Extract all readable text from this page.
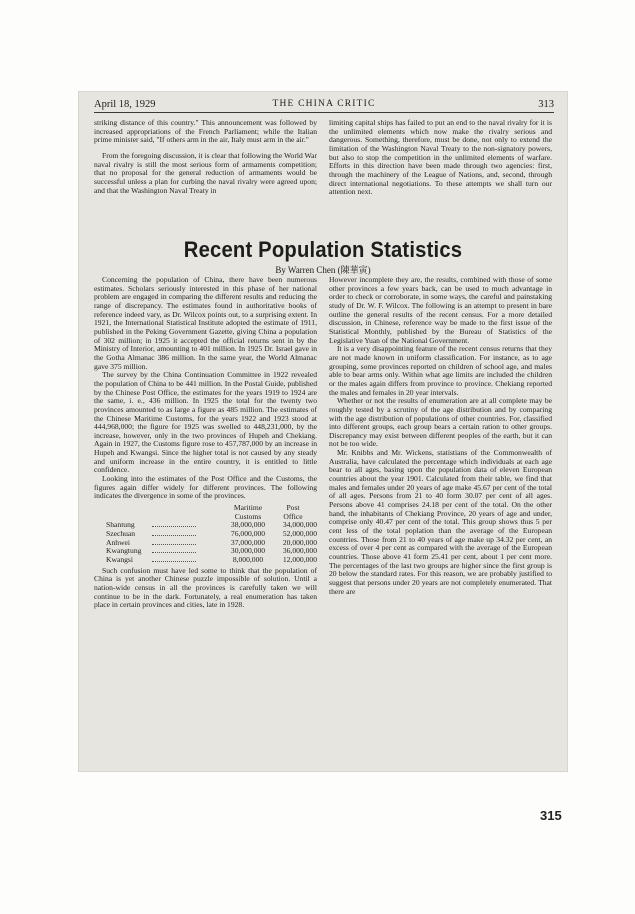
April 18, 1929	THE CHINA CRITIC	313

striking distance of this country." This announcement was followed by increased appropriations of the French Parliament; while the Italian prime minister said, "If others arm in the air, Italy must arm in the air."

From the foregoing discussion, it is clear that following the World War naval rivalry is still the most serious form of armaments competition; that no proposal for the general reduction of armaments would be successful unless a plan for curbing the naval rivalry were agreed upon; and that the Washington Naval Treaty in

limiting capital ships has failed to put an end to the naval rivalry for it is the unlimited elements which now make the rivalry serious and dangerous. Something, therefore, must be done, not only to extend the limitation of the Washington Naval Treaty to the non-signatory powers, but also to stop the competition in the unlimited elements of warfare. Efforts in this direction have been made through two agencies: first, through the machinery of the League of Nations, and, second, through direct international negotiations. To these attempts we shall turn our attention next.

Recent Population Statistics
By Warren Chen (陳華寅)

Concerning the population of China, there have been numerous estimates. Scholars seriously interested in this phase of her national problem are engaged in comparing the different results and reducing the range of discrepancy. The estimates found in authoritative books of reference indeed vary, as Dr. Wilcox points out, to a surprising extent. In 1921, the International Statistical Institute adopted the estimate of 1911, published in the Peking Government Gazette, giving China a population of 302 million; in 1925 it accepted the official returns sent in by the Ministry of Interior, amounting to 401 million. In 1925 Dr. Israel gave in the Gotha Almanac 386 million. In the same year, the World Almanac gave 375 million.

The survey by the China Continuation Committee in 1922 revealed the population of China to be 441 million. In the Postal Guide, published by the Chinese Post Office, the estimates for the years 1919 to 1924 are the same, i. e., 436 million. In 1925 the total for the twenty two provinces amounted to as large a figure as 485 million. The estimates of the Chinese Maritime Customs, for the years 1922 and 1923 stood at 444,968,000; the figure for 1925 was swelled to 448,231,000, by the increase, however, only in the two provinces of Hupeh and Chekiang. Again in 1927, the Customs figure rose to 457,787,000 by an increase in Hupeh and Kwangsi. Since the higher total is not caused by any steady and uniform increase in the entire country, it is entitled to little confidence.

Looking into the estimates of the Post Office and the Customs, the figures again differ widely for different provinces. The following indicates the divergence in some of the provinces.

Maritime	Post
Customs	Office
Shantung	38,000,000	34,000,000
Szechuan	76,000,000	52,000,000
Anhwei	37,000,000	20,000,000
Kwangtung	30,000,000	36,000,000
Kwangsi	8,000,000	12,000,000

Such confusion must have led some to think that the population of China is yet another Chinese puzzle impossible of solution. Until a nation-wide census in all the provinces is carefully taken we will continue to be in the dark. Fortunately, a real enumeration has taken place in certain provinces and cities, late in 1928.

However incomplete they are, the results, combined with those of some other provinces a few years back, can be used to much advantage in order to check or corroborate, in some ways, the careful and painstaking study of Dr. W. F. Wilcox. The following is an attempt to present in bare outline the general results of the recent census. For a more detailed discussion, in Chinese, reference way be made to the first issue of the Statistical Monthly, published by the Bureau of Statistics of the Legislative Yuan of the National Government.

It is a very disappointing feature of the recent census returns that they are not made known in uniform classification. For instance, as to age grouping, some provinces reported on children of school age, and males able to bear arms only. Within what age limits are included the children or the males again differs from province to province. Chekiang reported the males and females in 20 year intervals.

Whether or not the results of enumeration are at all complete may be roughly tested by a scrutiny of the age distribution and by comparing with the age distribution of populations of other countries. For, classified into different groups, each group bears a certain ration to other groups. Discrepancy may exist between different peoples of the earth, but it can not be too wide.

Mr. Knibbs and Mr. Wickens, statistians of the Commonwealth of Australia, have calculated the percentage which individuals at each age bear to all ages, basing upon the population data of eleven European countries about the year 1901. Calculated from their table, we find that males and females under 20 years of age make 45.67 per cent of the total of all ages. Persons from 21 to 40 form 30.07 per cent of all ages. Persons above 41 comprises 24.18 per cent of the total. On the other hand, the inhabitants of Chekiang Province, 20 years of age and under, comprise only 40.47 per cent of the total. This group shows thus 5 per cent less of the total poplation than the average of the European countries. Those from 21 to 40 years of age make up 34.32 per cent, an excess of over 4 per cent as compared with the average of the European countries. Those above 41 form 25.41 per cent, about 1 per cent more. The percentages of the last two groups are higher since the first group is 20 below the standard rates. For this reason, we are probably justified to suggest that persons under 20 years are not completely enumerated. That there are

315
